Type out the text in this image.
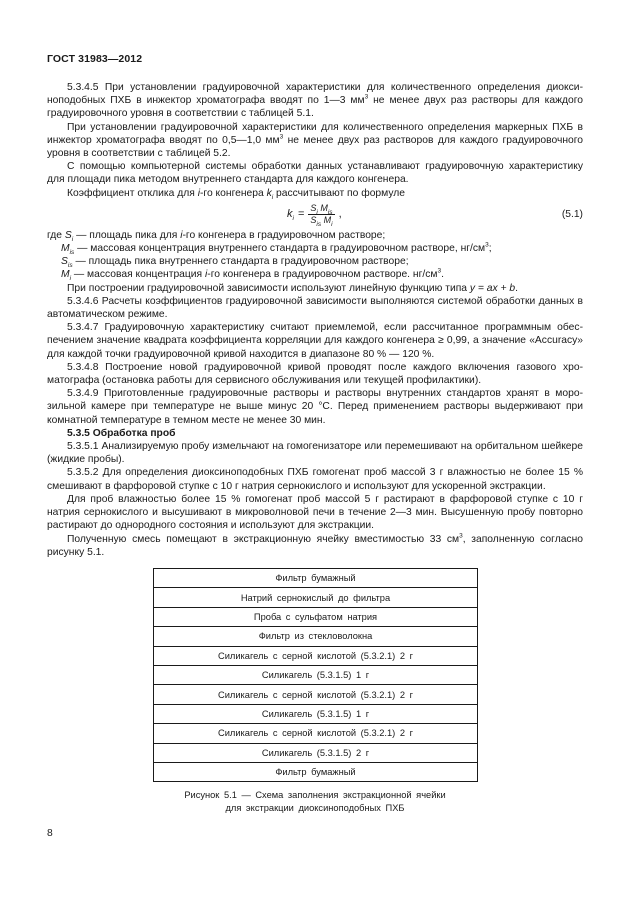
ГОСТ 31983—2012

5.3.4.5 При установлении градуировочной характеристики для количественного определения диоксиноподобных ПХБ в инжектор хроматографа вводят по 1—3 $мм^3$ не менее двух раз растворы для каждого градуировочного уровня в соответствии с таблицей 5.1.

При установлении градуировочной характеристики для количественного определения маркерных ПХБ в инжектор хроматографа вводят по 0,5—1,0 $мм^3$ не менее двух раз растворов для каждого градуировочного уровня в соответствии с таблицей 5.2.

С помощью компьютерной системы обработки данных устанавливают градуировочную характеристику для площади пика методом внутреннего стандарта для каждого конгенера.

Коэффициент отклика для i-го конгенера $k_i$ рассчитывают по формуле

$k_i = \frac{S_i M_{is}}{S_{is} M_i}$ ,	(5.1)

где $S_i$ — площадь пика для i-го конгенера в градуировочном растворе;

$M_{is}$ — массовая концентрация внутреннего стандарта в градуировочном растворе, $нг/см^3$;

$S_{is}$ — площадь пика внутреннего стандарта в градуировочном растворе;

$M_i$ — массовая концентрация i-го конгенера в градуировочном растворе. $нг/см^3$.

При построении градуировочной зависимости используют линейную функцию типа y = ax + b.

5.3.4.6 Расчеты коэффициентов градуировочной зависимости выполняются системой обработки данных в автоматическом режиме.

5.3.4.7 Градуировочную характеристику считают приемлемой, если рассчитанное программным обеспечением значение квадрата коэффициента корреляции для каждого конгенера ≥ 0,99, а значение «Accuracy» для каждой точки градуировочной кривой находится в диапазоне 80 % — 120 %.

5.3.4.8 Построение новой градуировочной кривой проводят после каждого включения газового хроматографа (остановка работы для сервисного обслуживания или текущей профилактики).

5.3.4.9 Приготовленные градуировочные растворы и растворы внутренних стандартов хранят в морозильной камере при температуре не выше минус 20 °С. Перед применением растворы выдерживают при комнатной температуре в темном месте не менее 30 мин.

5.3.5 Обработка проб

5.3.5.1 Анализируемую пробу измельчают на гомогенизаторе или перемешивают на орбитальном шейкере (жидкие пробы).

5.3.5.2 Для определения диоксиноподобных ПХБ гомогенат проб массой 3 г влажностью не более 15 % смешивают в фарфоровой ступке с 10 г натрия сернокислого и используют для ускоренной экстракции.

Для проб влажностью более 15 % гомогенат проб массой 5 г растирают в фарфоровой ступке с 10 г натрия сернокислого и высушивают в микроволновой печи в течение 2—3 мин. Высушенную пробу повторно растирают до однородного состояния и используют для экстракции.

Полученную смесь помещают в экстракционную ячейку вместимостью 33 $см^3$, заполненную согласно рисунку 5.1.

Фильтр бумажный
Натрий сернокислый до фильтра
Проба с сульфатом натрия
Фильтр из стекловолокна
Силикагель с серной кислотой (5.3.2.1) 2 г
Силикагель (5.3.1.5) 1 г
Силикагель с серной кислотой (5.3.2.1) 2 г
Силикагель (5.3.1.5) 1 г
Силикагель с серной кислотой (5.3.2.1) 2 г
Силикагель (5.3.1.5) 2 г
Фильтр бумажный
Рисунок 5.1 — Схема заполнения экстракционной ячейки
для экстракции диоксиноподобных ПХБ
8
